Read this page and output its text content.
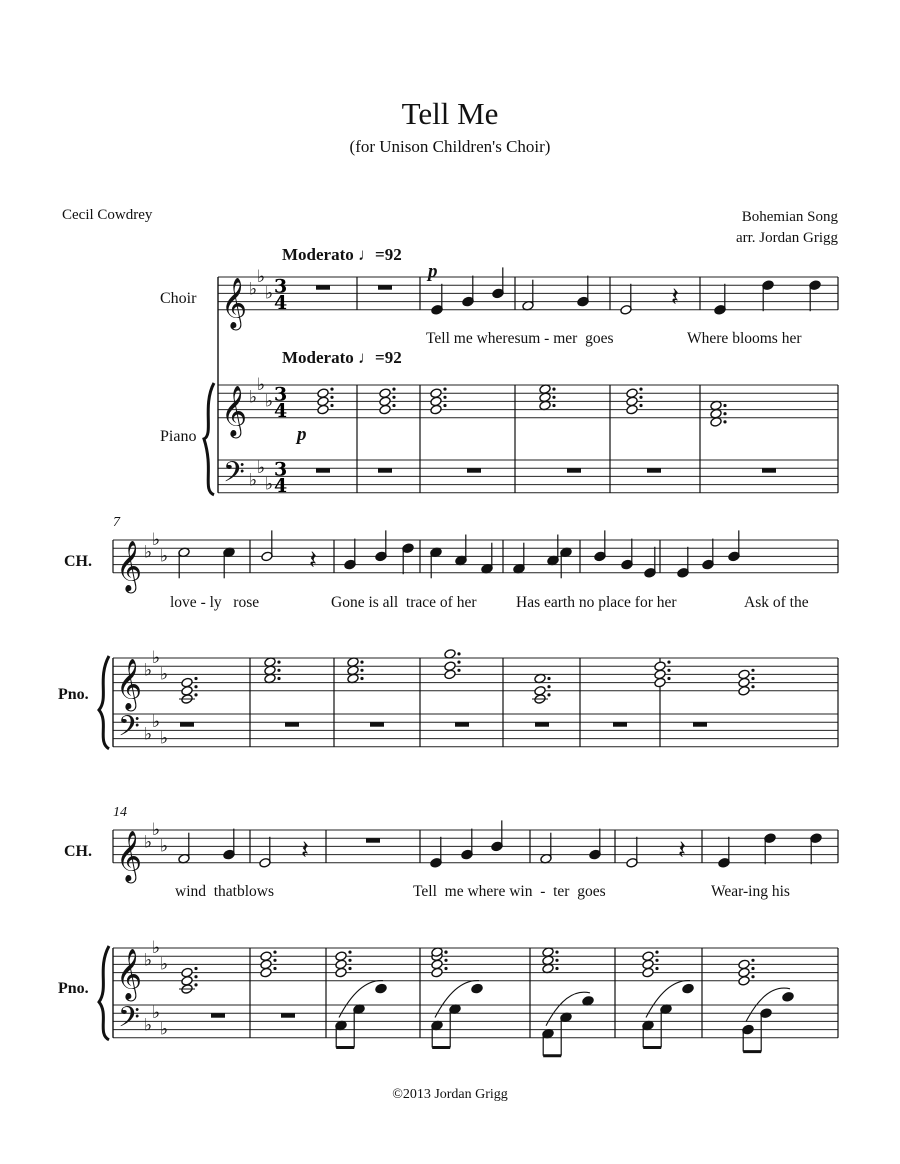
Tell Me
(for Unison Children's Choir)
Cecil Cowdrey	Bohemian Song
arr. Jordan Grigg
Choir
Piano
Moderato ♩=92
Moderato ♩=92
p
p
7
CH.
Pno.
14
CH.
Pno.
Tell me wheresum - mer goes	Where blooms her
love - ly rose	Gone is all trace of her	Has earth no place for her	Ask of the
wind thatblows	Tell me where win - ter goes	Wear-ing his
©2013 Jordan Grigg
𝄞 ♭
♭
♭ 3
4
𝄞 ♭
♭
♭ 3
4
𝄢 ♭
♭
♭
3
4
𝄽
𝄞 ♭
♭
♭
𝄞 ♭
♭
♭
𝄢 ♭
♭
♭
𝄽
𝄞 ♭
♭
♭
𝄞 ♭
♭
♭
𝄢 ♭
♭
♭
𝄽	𝄽
